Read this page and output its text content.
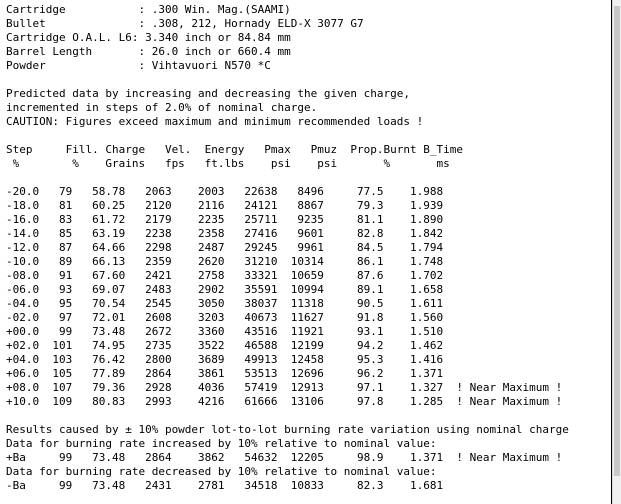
Cartridge           : .300 Win. Mag.(SAAMI)
Bullet              : .308, 212, Hornady ELD-X 3077 G7
Cartridge O.A.L. L6: 3.340 inch or 84.84 mm
Barrel Length       : 26.0 inch or 660.4 mm
Powder              : Vihtavuori N570 *C
Predicted data by increasing and decreasing the given charge,
incremented in steps of 2.0% of nominal charge.
CAUTION: Figures exceed maximum and minimum recommended loads !
Step     Fill. Charge   Vel.  Energy   Pmax   Pmuz  Prop.Burnt B_Time
%        %    Grains   fps   ft.lbs    psi    psi       %       ms
-20.0   79   58.78   2063    2003   22638   8496     77.5    1.988
-18.0   81   60.25   2120    2116   24121   8867     79.3    1.939
-16.0   83   61.72   2179    2235   25711   9235     81.1    1.890
-14.0   85   63.19   2238    2358   27416   9601     82.8    1.842
-12.0   87   64.66   2298    2487   29245   9961     84.5    1.794
-10.0   89   66.13   2359    2620   31210  10314     86.1    1.748
-08.0   91   67.60   2421    2758   33321  10659     87.6    1.702
-06.0   93   69.07   2483    2902   35591  10994     89.1    1.658
-04.0   95   70.54   2545    3050   38037  11318     90.5    1.611
-02.0   97   72.01   2608    3203   40673  11627     91.8    1.560
+00.0   99   73.48   2672    3360   43516  11921     93.1    1.510
+02.0  101   74.95   2735    3522   46588  12199     94.2    1.462
+04.0  103   76.42   2800    3689   49913  12458     95.3    1.416
+06.0  105   77.89   2864    3861   53513  12696     96.2    1.371
+08.0  107   79.36   2928    4036   57419  12913     97.1    1.327  ! Near Maximum !
+10.0  109   80.83   2993    4216   61666  13106     97.8    1.285  ! Near Maximum !
Results caused by ± 10% powder lot-to-lot burning rate variation using nominal charge
Data for burning rate increased by 10% relative to nominal value:
+Ba     99   73.48   2864    3862   54632  12205     98.9    1.371  ! Near Maximum !
Data for burning rate decreased by 10% relative to nominal value:
-Ba     99   73.48   2431    2781   34518  10833     82.3    1.681
